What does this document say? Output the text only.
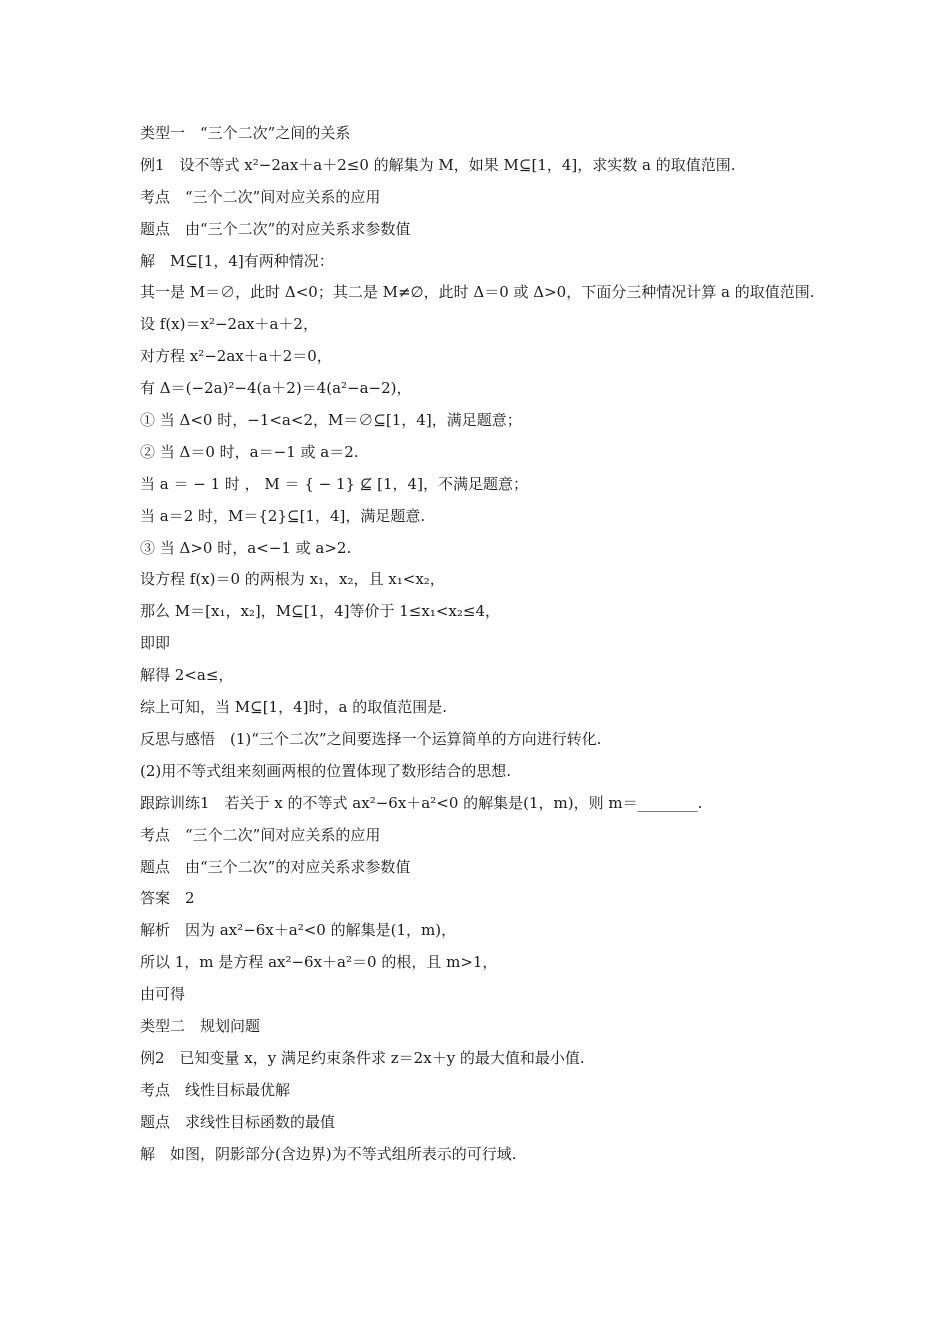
类型一　“三个二次”之间的关系
例1　设不等式 x²−2ax＋a＋2≤0 的解集为 M，如果 M⊆[1，4]，求实数 a 的取值范围.
考点　“三个二次”间对应关系的应用
题点　由“三个二次”的对应关系求参数值
解　M⊆[1，4]有两种情况：
其一是 M＝∅，此时 Δ<0；其二是 M≠∅，此时 Δ＝0 或 Δ>0，下面分三种情况计算 a 的取值范围.
设 f(x)＝x²−2ax＋a＋2，
对方程 x²−2ax＋a＋2＝0，
有 Δ＝(−2a)²−4(a＋2)＝4(a²−a−2)，
① 当 Δ<0 时，−1<a<2，M＝∅⊆[1，4]，满足题意；
② 当 Δ＝0 时，a＝−1 或 a＝2.
当 a ＝ − 1 时 ， M ＝ { − 1} ⊈ [1，4]，不满足题意；
当 a＝2 时，M＝{2}⊆[1，4]，满足题意.
③ 当 Δ>0 时，a<−1 或 a>2.
设方程 f(x)＝0 的两根为 x₁，x₂，且 x₁<x₂，
那么 M＝[x₁，x₂]，M⊆[1，4]等价于 1≤x₁<x₂≤4，
即即
解得 2<a≤，
综上可知，当 M⊆[1，4]时，a 的取值范围是.
反思与感悟　(1)“三个二次”之间要选择一个运算简单的方向进行转化.
(2)用不等式组来刻画两根的位置体现了数形结合的思想.
跟踪训练1　若关于 x 的不等式 ax²−6x＋a²<0 的解集是(1，m)，则 m＝________.
考点　“三个二次”间对应关系的应用
题点　由“三个二次”的对应关系求参数值
答案　2
解析　因为 ax²−6x＋a²<0 的解集是(1，m)，
所以 1，m 是方程 ax²−6x＋a²＝0 的根，且 m>1，
由可得
类型二　规划问题
例2　已知变量 x，y 满足约束条件求 z＝2x＋y 的最大值和最小值.
考点　线性目标最优解
题点　求线性目标函数的最值
解　如图，阴影部分(含边界)为不等式组所表示的可行域.
